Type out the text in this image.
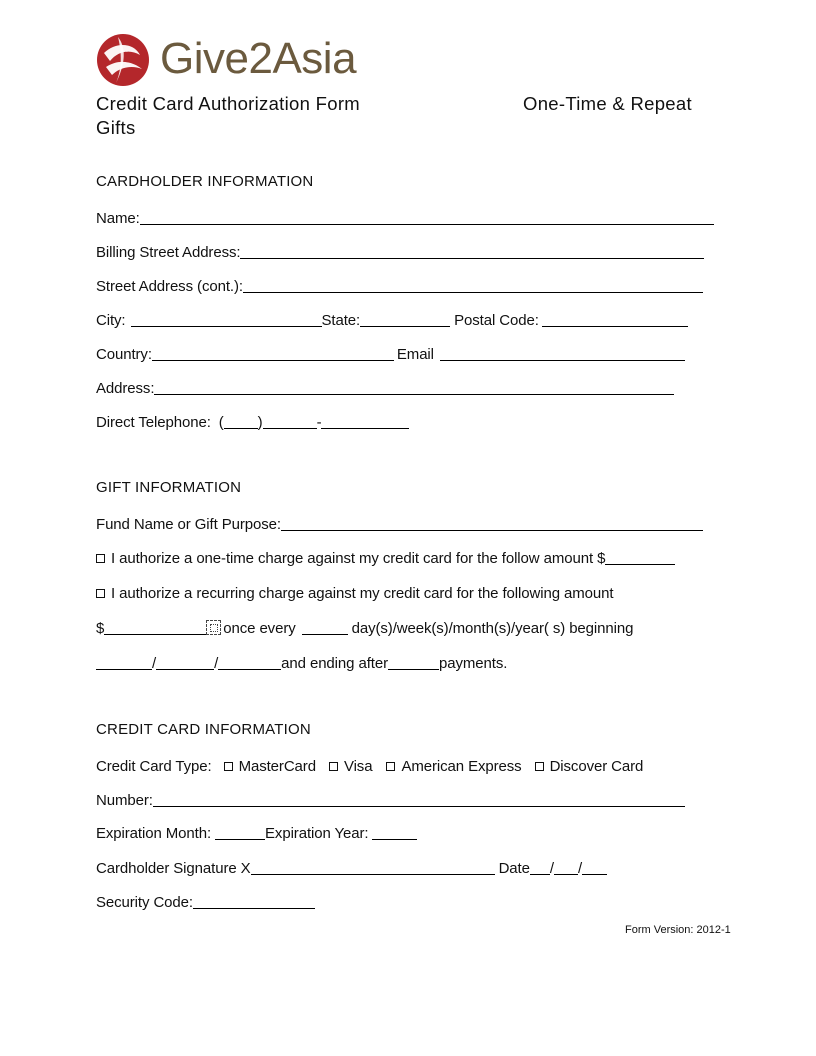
Give2Asia
Credit Card Authorization Form	One-Time & Repeat
Gifts
CARDHOLDER INFORMATION
Name:
Billing Street Address:
Street Address (cont.):
City:	State:	Postal Code:
Country:	Email
Address:
Direct Telephone: ( )	-
GIFT INFORMATION
Fund Name or Gift Purpose:
I authorize a one-time charge against my credit card for the follow amount $
I authorize a recurring charge against my credit card for the following amount
$	once every	day(s)/week(s)/month(s)/year( s) beginning
/	/	and ending after	payments.
CREDIT CARD INFORMATION
Credit Card Type: MasterCard Visa American Express Discover Card
Number:
Expiration Month:	Expiration Year:
Cardholder Signature X	Date / /
Security Code:
Form Version: 2012-1
